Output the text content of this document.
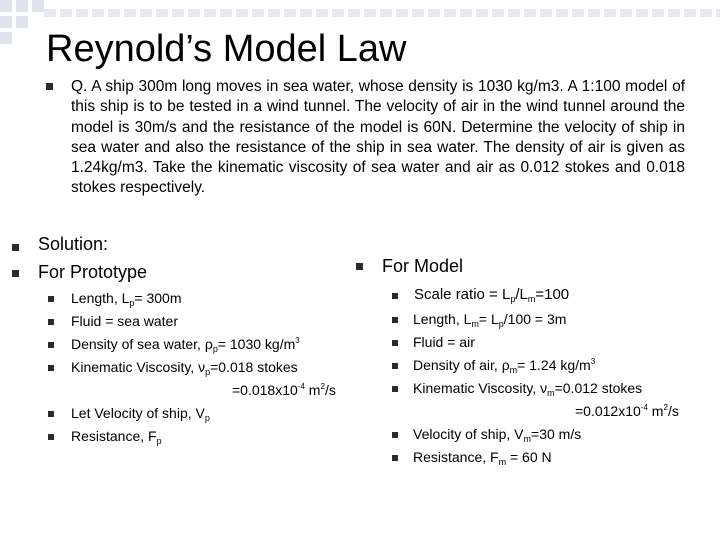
Reynold’s Model Law
Q. A ship 300m long moves in sea water, whose density is 1030 kg/m3. A 1:100 model of this ship is to be tested in a wind tunnel. The velocity of air in the wind tunnel around the model is 30m/s and the resistance of the model is 60N. Determine the velocity of ship in sea water and also the resistance of the ship in sea water. The density of air is given as 1.24kg/m3. Take the kinematic viscosity of sea water and air as 0.012 stokes and 0.018 stokes respectively.
Solution:
For Prototype
Length, $L_p= 300m$
Fluid = sea water
Density of sea water, $\rho_p= 1030$ $kg/m^3$
Kinematic Viscosity, $\nu_p=0.018$ stokes
$=0.018x10^{-4}$ $m^2/s$
Let Velocity of ship, $V_p$
Resistance, $F_p$
For Model
Scale ratio = $L_p/L_m=100$
Length, $L_m= L_p/100 = 3m$
Fluid = air
Density of air, $\rho_m= 1.24$ $kg/m^3$
Kinematic Viscosity, $\nu_m=0.012$ stokes
$=0.012x10^{-4}$ $m^2/s$
Velocity of ship, $V_m=30$ m/s
Resistance, $F_m = 60$ N
